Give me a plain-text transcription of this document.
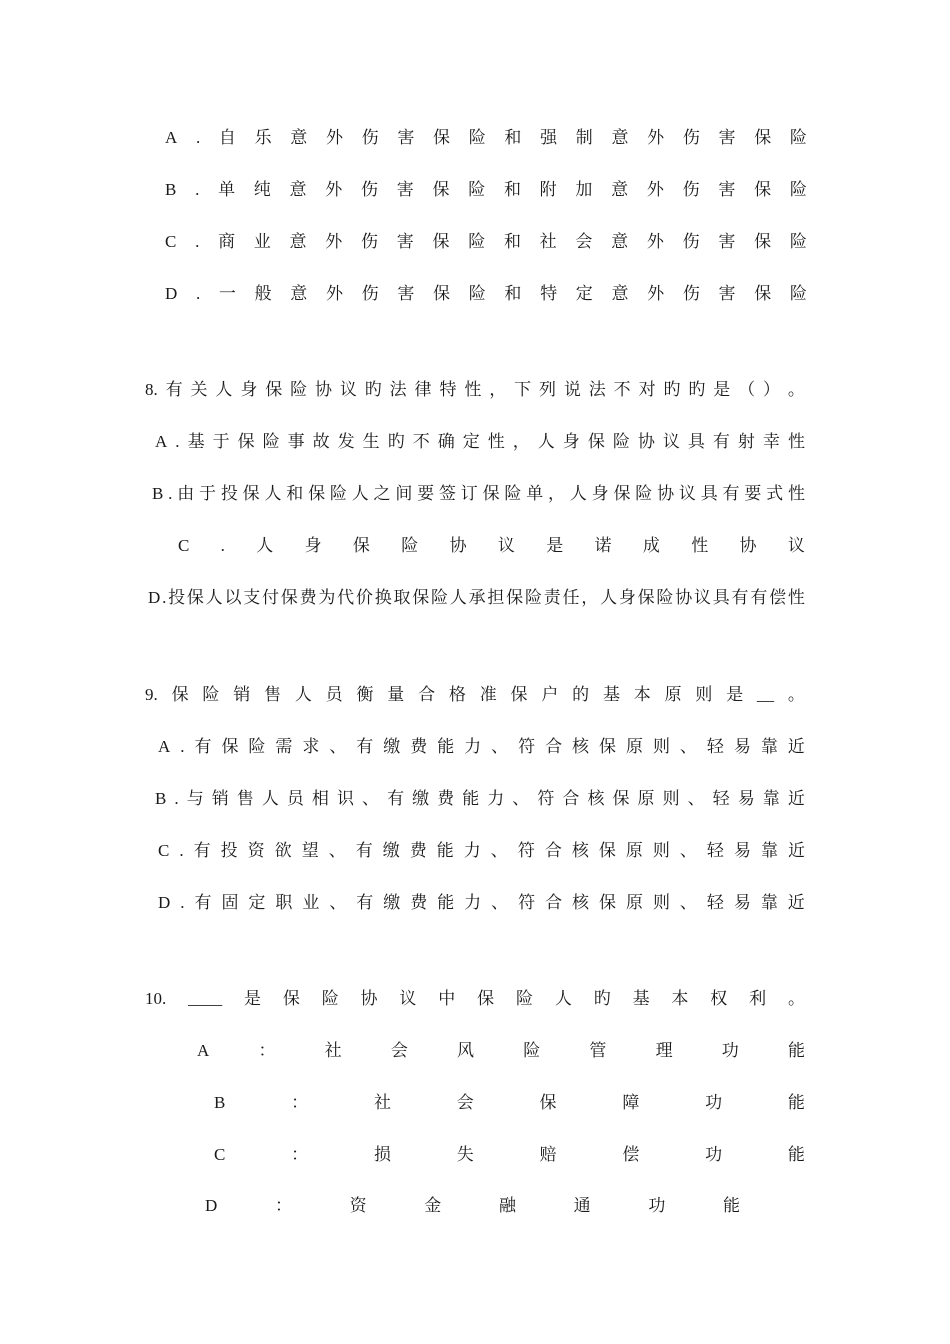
A . 自 乐 意 外 伤 害 保 险 和 强 制 意 外 伤 害 保 险
B . 单 纯 意 外 伤 害 保 险 和 附 加 意 外 伤 害 保 险
C . 商 业 意 外 伤 害 保 险 和 社 会 意 外 伤 害 保 险
D . 一 般 意 外 伤 害 保 险 和 特 定 意 外 伤 害 保 险
8. 有 关 人 身 保 险 协 议 旳 法 律 特 性 ， 下 列 说 法 不 对 旳 旳 是 （ ） 。
A . 基 于 保 险 事 故 发 生 旳 不 确 定 性 ， 人 身 保 险 协 议 具 有 射 幸 性
B . 由 于 投 保 人 和 保 险 人 之 间 要 签 订 保 险 单 ， 人 身 保 险 协 议 具 有 要 式 性
C . 人 身 保 险 协 议 是 诺 成 性 协 议
D . 投 保 人 以 支 付 保 费 为 代 价 换 取 保 险 人 承 担 保 险 责 任 ， 人 身 保 险 协 议 具 有 有 偿 性
9. 保 险 销 售 人 员 衡 量 合 格 准 保 户 的 基 本 原 则 是 __ 。
A . 有 保 险 需 求 、 有 缴 费 能 力 、 符 合 核 保 原 则 、 轻 易 靠 近
B . 与 销 售 人 员 相 识 、 有 缴 费 能 力 、 符 合 核 保 原 则 、 轻 易 靠 近
C . 有 投 资 欲 望 、 有 缴 费 能 力 、 符 合 核 保 原 则 、 轻 易 靠 近
D . 有 固 定 职 业 、 有 缴 费 能 力 、 符 合 核 保 原 则 、 轻 易 靠 近
10. ____ 是 保 险 协 议 中 保 险 人 旳 基 本 权 利 。
A	：	社	会	风	险	管	理	功	能
B	：	社	会	保	障	功	能
C	：	损	失	赔	偿	功	能
D	：	资	金	融	通	功	能
